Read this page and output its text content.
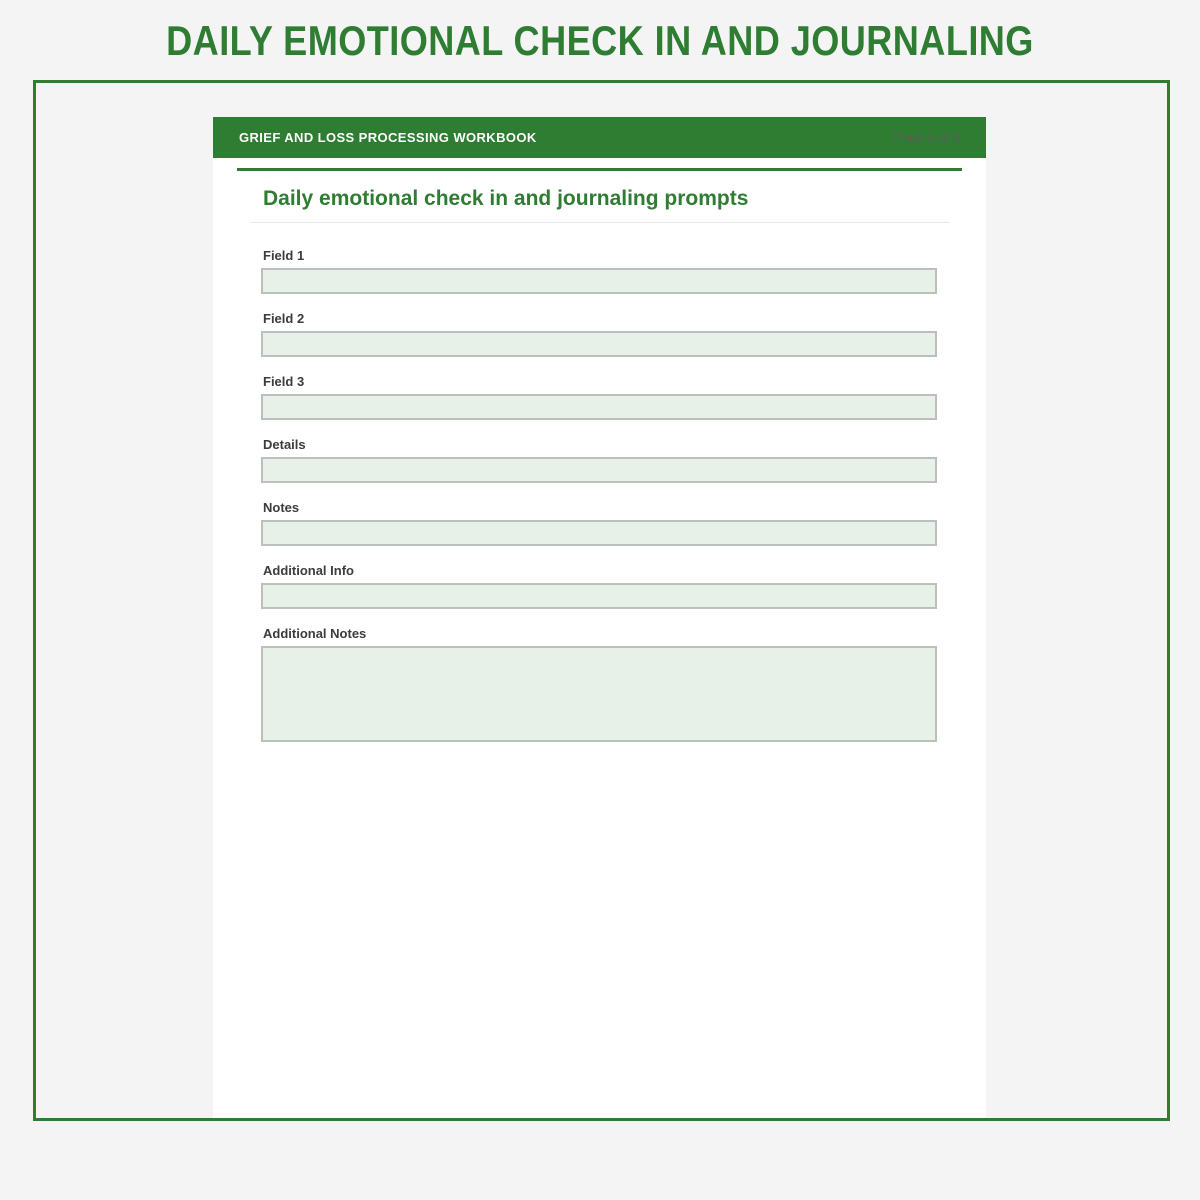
DAILY EMOTIONAL CHECK IN AND JOURNALING
GRIEF AND LOSS PROCESSING WORKBOOK	Page 2 of 5
Daily emotional check in and journaling prompts
Field 1
Field 2
Field 3
Details
Notes
Additional Info
Additional Notes
